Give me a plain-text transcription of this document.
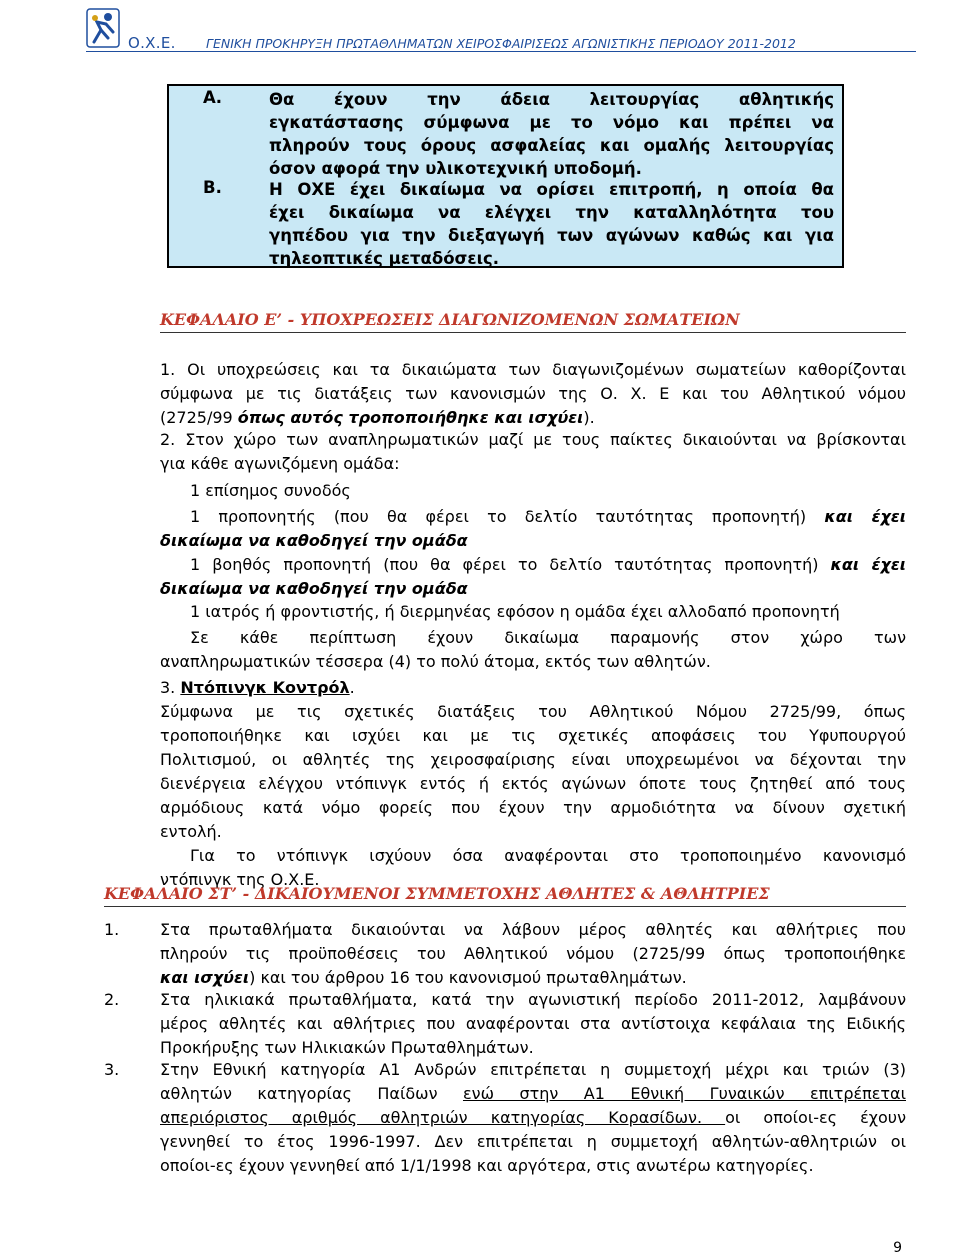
Ο.Χ.Ε. ΓΕΝΙΚΗ ΠΡΟΚΗΡΥΞΗ ΠΡΩΤΑΘΛΗΜΑΤΩΝ ΧΕΙΡΟΣΦΑΙΡΙΣΕΩΣ ΑΓΩΝΙΣΤΙΚΗΣ ΠΕΡΙΟΔΟΥ 2011-2012
Α.	Θα έχουν την άδεια λειτουργίας αθλητικής
εγκατάστασης σύμφωνα με το νόμο και πρέπει να
πληρούν τους όρους ασφαλείας και ομαλής λειτουργίας
όσον αφορά την υλικοτεχνική υποδομή.
Β.	Η ΟΧΕ έχει δικαίωμα να ορίσει επιτροπή, η οποία θα
έχει δικαίωμα να ελέγχει την καταλληλότητα του
γηπέδου για την διεξαγωγή των αγώνων καθώς και για
τηλεοπτικές μεταδόσεις.
ΚΕΦΑΛΑΙΟ Ε’ - ΥΠΟΧΡΕΩΣΕΙΣ ΔΙΑΓΩΝΙΖΟΜΕΝΩΝ ΣΩΜΑΤΕΙΩΝ
1. Οι υποχρεώσεις και τα δικαιώματα των διαγωνιζομένων σωματείων καθορίζονται
σύμφωνα με τις διατάξεις των κανονισμών της Ο. Χ. Ε και του Αθλητικού νόμου
(2725/99 όπως αυτός τροποποιήθηκε και ισχύει).
2. Στον χώρο των αναπληρωματικών μαζί με τους παίκτες δικαιούνται να βρίσκονται
για κάθε αγωνιζόμενη ομάδα:
1 επίσημος συνοδός
1 προπονητής (που θα φέρει το δελτίο ταυτότητας προπονητή) και έχει
δικαίωμα να καθοδηγεί την ομάδα
1 βοηθός προπονητή (που θα φέρει το δελτίο ταυτότητας προπονητή) και έχει
δικαίωμα να καθοδηγεί την ομάδα
1 ιατρός ή φροντιστής, ή διερμηνέας εφόσον η ομάδα έχει αλλοδαπό προπονητή
Σε κάθε περίπτωση έχουν δικαίωμα παραμονής στον χώρο των
αναπληρωματικών τέσσερα (4) το πολύ άτομα, εκτός των αθλητών.
3. Ντόπινγκ Κοντρόλ.
Σύμφωνα με τις σχετικές διατάξεις του Αθλητικού Νόμου 2725/99, όπως
τροποποιήθηκε και ισχύει και με τις σχετικές αποφάσεις του Υφυπουργού
Πολιτισμού, οι αθλητές της χειροσφαίρισης είναι υποχρεωμένοι να δέχονται την
διενέργεια ελέγχου ντόπινγκ εντός ή εκτός αγώνων όποτε τους ζητηθεί από τους
αρμόδιους κατά νόμο φορείς που έχουν την αρμοδιότητα να δίνουν σχετική
εντολή.
Για το ντόπινγκ ισχύουν όσα αναφέρονται στο τροποποιημένο κανονισμό
ντόπινγκ της Ο.Χ.Ε.
ΚΕΦΑΛΑΙΟ ΣΤ’ - ΔΙΚΑΙΟΥΜΕΝΟΙ ΣΥΜΜΕΤΟΧΗΣ ΑΘΛΗΤΕΣ & ΑΘΛΗΤΡΙΕΣ
1.	Στα πρωταθλήματα δικαιούνται να λάβουν μέρος αθλητές και αθλήτριες που
πληρούν τις προϋποθέσεις του Αθλητικού νόμου (2725/99 όπως τροποποιήθηκε
και ισχύει) και του άρθρου 16 του κανονισμού πρωταθλημάτων.
2.	Στα ηλικιακά πρωταθλήματα, κατά την αγωνιστική περίοδο 2011-2012, λαμβάνουν
μέρος αθλητές και αθλήτριες που αναφέρονται στα αντίστοιχα κεφάλαια της Ειδικής
Προκήρυξης των Ηλικιακών Πρωταθλημάτων.
3.	Στην Εθνική κατηγορία Α1 Ανδρών επιτρέπεται η συμμετοχή μέχρι και τριών (3)
αθλητών κατηγορίας Παίδων ενώ στην Α1 Εθνική Γυναικών επιτρέπεται
απεριόριστος αριθμός αθλητριών κατηγορίας Κορασίδων. οι οποίοι-ες έχουν
γεννηθεί το έτος 1996-1997. Δεν επιτρέπεται η συμμετοχή αθλητών-αθλητριών οι
οποίοι-ες έχουν γεννηθεί από 1/1/1998 και αργότερα, στις ανωτέρω κατηγορίες.
9
